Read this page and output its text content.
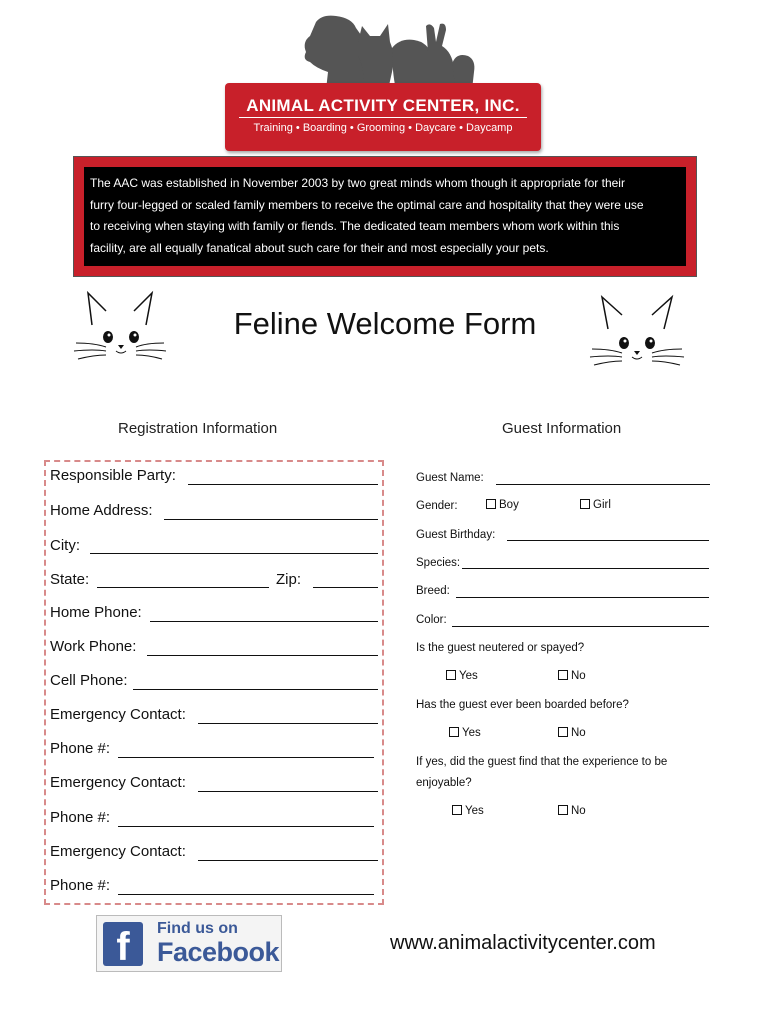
ANIMAL ACTIVITY CENTER, INC.
Training • Boarding • Grooming • Daycare • Daycamp
The AAC was established in November 2003 by two great minds whom though it appropriate for their
furry four-legged or scaled family members to receive the optimal care and hospitality that they were use
to receiving when staying with family or fiends. The dedicated team members whom work within this
facility, are all equally fanatical about such care for their and most especially your pets.
Feline Welcome Form
Registration Information	Guest Information
Responsible Party:
Home Address:
City:
State:	Zip:
Home Phone:
Work Phone:
Cell Phone:
Emergency Contact:
Phone #:
Emergency Contact:
Phone #:
Emergency Contact:
Phone #:
Guest Name:
Gender:	Boy	Girl
Guest Birthday:
Species:
Breed:
Color:
Is the guest neutered or spayed?
Yes	No
Has the guest ever been boarded before?
Yes	No
If yes, did the guest find that the experience to be
enjoyable?
Yes	No
f	Find us on
Facebook	www.animalactivitycenter.com
